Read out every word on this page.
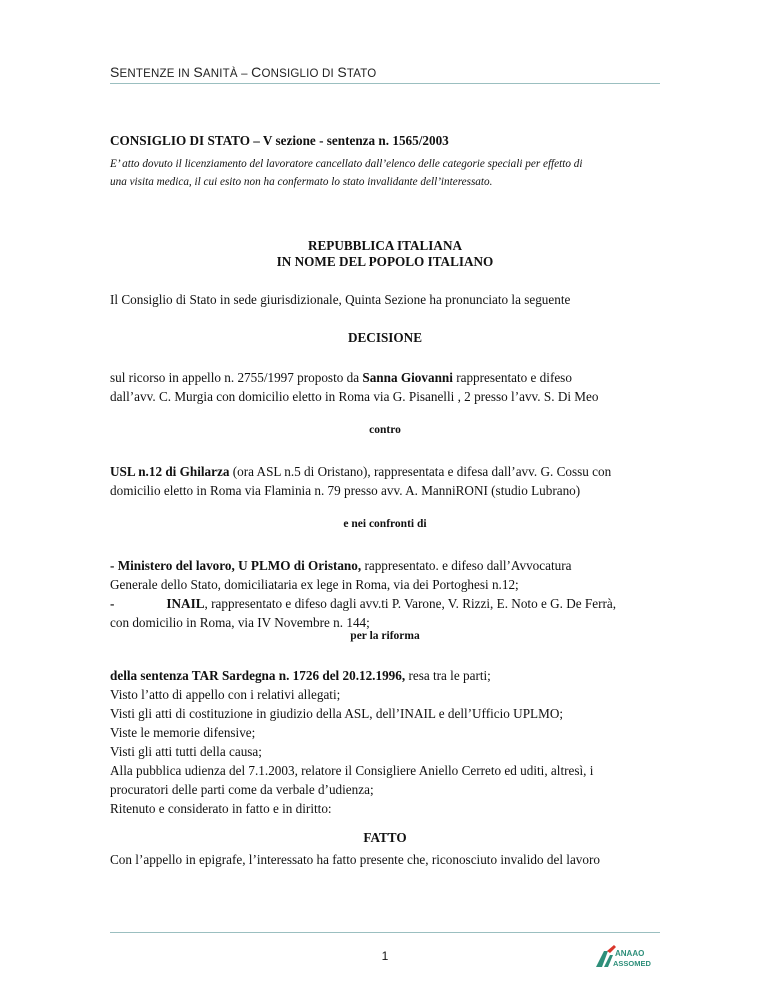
SENTENZE IN SANITÀ – CONSIGLIO DI STATO
CONSIGLIO DI STATO – V sezione - sentenza n. 1565/2003
E’ atto dovuto il licenziamento del lavoratore cancellato dall’elenco delle categorie speciali per effetto di
una visita medica, il cui esito non ha confermato lo stato invalidante dell’interessato.
REPUBBLICA ITALIANA
IN NOME DEL POPOLO ITALIANO
Il Consiglio di Stato in sede giurisdizionale, Quinta Sezione ha pronunciato la seguente
DECISIONE
sul ricorso in appello n. 2755/1997 proposto da Sanna Giovanni rappresentato e difeso
dall’avv. C. Murgia con domicilio eletto in Roma via G. Pisanelli , 2 presso l’avv. S. Di Meo
contro
USL n.12 di Ghilarza (ora ASL n.5 di Oristano), rappresentata e difesa dall’avv. G. Cossu con
domicilio eletto in Roma via Flaminia n. 79 presso avv. A. ManniRONI (studio Lubrano)
e nei confronti di
- Ministero del lavoro, U PLMO di Oristano, rappresentato. e difeso dall’Avvocatura
Generale dello Stato, domiciliataria ex lege in Roma, via dei Portoghesi n.12;
-	INAIL, rappresentato e difeso dagli avv.ti P. Varone, V. Rizzi, E. Noto e G. De Ferrà,
con domicilio in Roma, via IV Novembre n. 144;
per la riforma
della sentenza TAR Sardegna n. 1726 del 20.12.1996, resa tra le parti;
Visto l’atto di appello con i relativi allegati;
Visti gli atti di costituzione in giudizio della ASL, dell’INAIL e dell’Ufficio UPLMO;
Viste le memorie difensive;
Visti gli atti tutti della causa;
Alla pubblica udienza del 7.1.2003, relatore il Consigliere Aniello Cerreto ed uditi, altresì, i
procuratori delle parti come da verbale d’udienza;
Ritenuto e considerato in fatto e in diritto:
FATTO
Con l’appello in epigrafe, l’interessato ha fatto presente che, riconosciuto invalido del lavoro
1	ANAAO
ASSOMED
